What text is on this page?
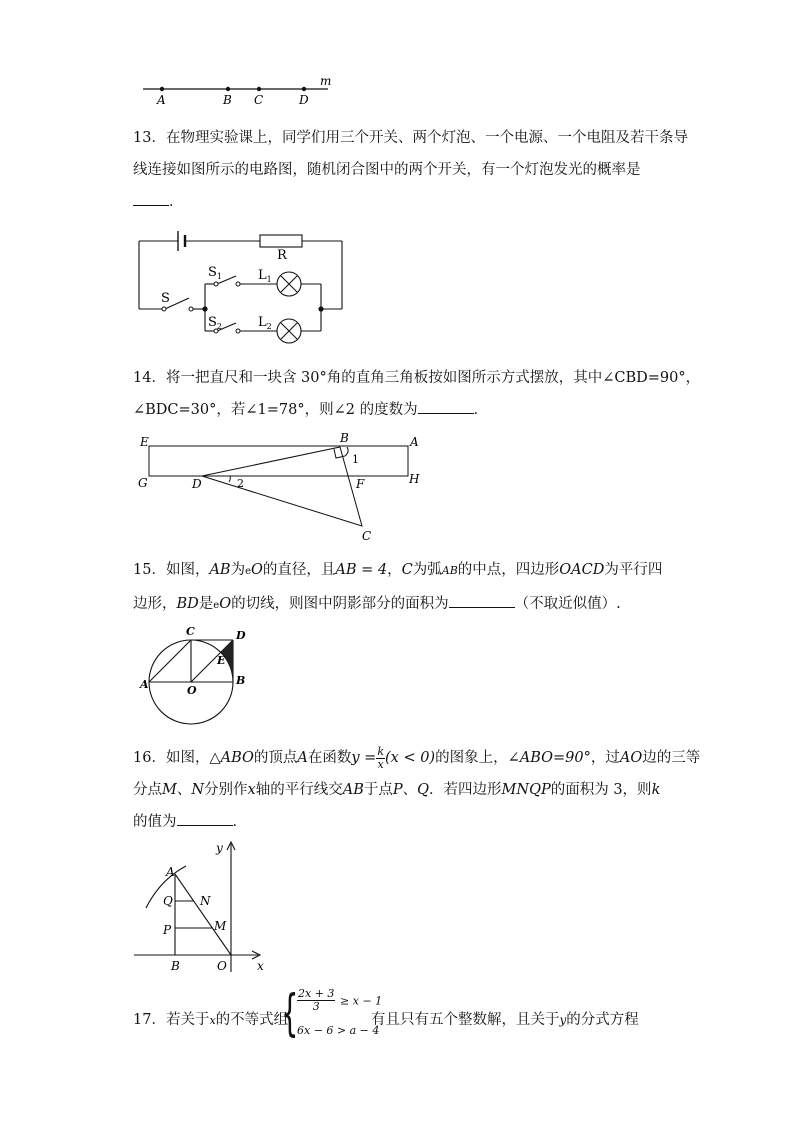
A	B C	D
m
13．在物理实验课上，同学们用三个开关、两个灯泡、一个电源、一个电阻及若干条导
线连接如图所示的电路图，随机闭合图中的两个开关，有一个灯泡发光的概率是
．
R
S
$S_1$
$S_2$
$L_1$
$L_2$
14．将一把直尺和一块含 30°角的直角三角板按如图所示方式摆放，其中∠CBD=90°，
∠BDC=30°，若∠1=78°，则∠2 的度数为	．
E	A
G	H
B
D	F
C
1
2
15．如图，AB为eO的直径，且AB = 4，C为弧AB的中点，四边形OACD为平行四
边形，BD是eO的切线，则图中阴影部分的面积为	（不取近似值）.
A	B
C	D
O
E
16．如图，△ABO的顶点A在函数$y = \frac{k}{x} (x < 0)$的图象上，∠ABO=90°，过AO边的三等
分点M、N分别作x轴的平行线交AB于点P、Q．若四边形MNQP的面积为 3，则k
的值为	．
A
Q N
P	M
B	O	x
y
17．若关于x的不等式组
{
$\frac{2x + 3}{3} \ge x - 1$
6x − 6 > a − 4
有且只有五个整数解，且关于y的分式方程
